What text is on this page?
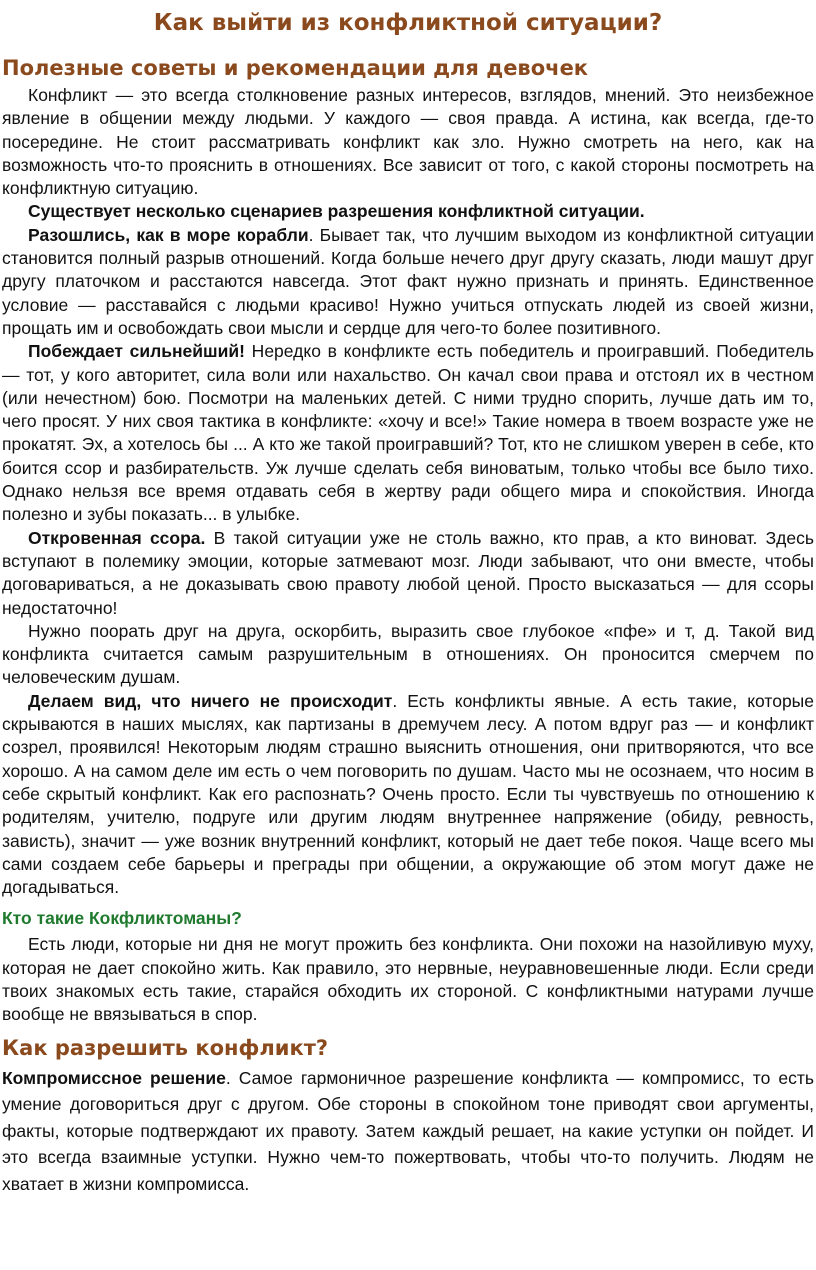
Как выйти из конфликтной ситуации?
Полезные советы и рекомендации для девочек

Конфликт — это всегда столкновение разных интересов, взглядов, мнений. Это неизбежное явление в общении между людьми. У каждого — своя правда. А истина, как всегда, где-то посередине. Не стоит рассматривать конфликт как зло. Нужно смотреть на него, как на возможность что-то прояснить в отношениях. Все зависит от того, с какой стороны посмотреть на конфликтную ситуацию.

Существует несколько сценариев разрешения конфликтной ситуации.

Разошлись, как в море корабли. Бывает так, что лучшим выходом из конфликтной ситуации становится полный разрыв отношений. Когда больше нечего друг другу сказать, люди машут друг другу платочком и расстаются навсегда. Этот факт нужно признать и принять. Единственное условие — расставайся с людьми красиво! Нужно учиться отпускать людей из своей жизни, прощать им и освобождать свои мысли и сердце для чего-то более позитивного.

Побеждает сильнейший! Нередко в конфликте есть победитель и проигравший. Победитель — тот, у кого авторитет, сила воли или нахальство. Он качал свои права и отстоял их в честном (или нечестном) бою. Посмотри на маленьких детей. С ними трудно спорить, лучше дать им то, чего просят. У них своя тактика в конфликте: «хочу и все!» Такие номера в твоем возрасте уже не прокатят. Эх, а хотелось бы ... А кто же такой проигравший? Тот, кто не слишком уверен в себе, кто боится ссор и разбирательств. Уж лучше сделать себя виноватым, только чтобы все было тихо. Однако нельзя все время отдавать себя в жертву ради общего мира и спокойствия. Иногда полезно и зубы показать... в улыбке.

Откровенная ссора. В такой ситуации уже не столь важно, кто прав, а кто виноват. Здесь вступают в полемику эмоции, которые затмевают мозг. Люди забывают, что они вместе, чтобы договариваться, а не доказывать свою правоту любой ценой. Просто высказаться — для ссоры недостаточно!

Нужно поорать друг на друга, оскорбить, выразить свое глубокое «пфе» и т, д. Такой вид конфликта считается самым разрушительным в отношениях. Он проносится смерчем по человеческим душам.

Делаем вид, что ничего не происходит. Есть конфликты явные. А есть такие, которые скрываются в наших мыслях, как партизаны в дремучем лесу. А потом вдруг раз — и конфликт созрел, проявился! Некоторым людям страшно выяснить отношения, они притворяются, что все хорошо. А на самом деле им есть о чем поговорить по душам. Часто мы не осознаем, что носим в себе скрытый конфликт. Как его распознать? Очень просто. Если ты чувствуешь по отношению к родителям, учителю, подруге или другим людям внутреннее напряжение (обиду, ревность, зависть), значит — уже возник внутренний конфликт, который не дает тебе покоя. Чаще всего мы сами создаем себе барьеры и преграды при общении, а окружающие об этом могут даже не догадываться.

Кто такие Кокфликтоманы?

Есть люди, которые ни дня не могут прожить без конфликта. Они похожи на назойливую муху, которая не дает спокойно жить. Как правило, это нервные, неуравновешенные люди. Если среди твоих знакомых есть такие, старайся обходить их стороной. С конфликтными натурами лучше вообще не ввязываться в спор.

Как разрешить конфликт?

Компромиссное решение. Самое гармоничное разрешение конфликта — компромисс, то есть умение договориться друг с другом. Обе стороны в спокойном тоне приводят свои аргументы, факты, которые подтверждают их правоту. Затем каждый решает, на какие уступки он пойдет. И это всегда взаимные уступки. Нужно чем-то пожертвовать, чтобы что-то получить. Людям не хватает в жизни компромисса.
